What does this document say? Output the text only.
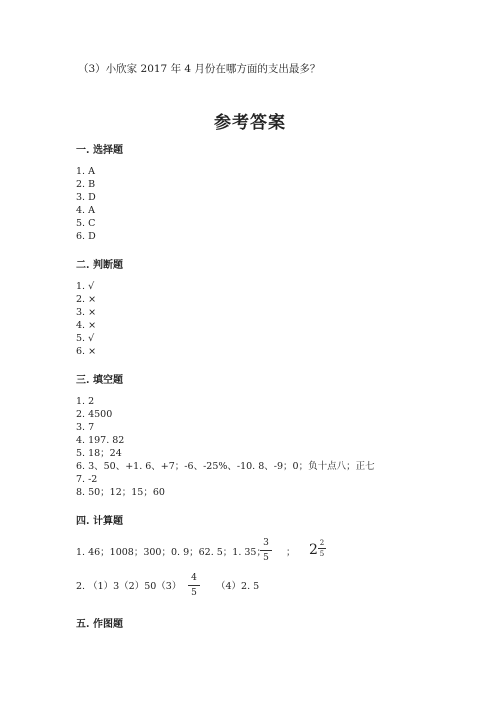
（3）小欣家 2017 年 4 月份在哪方面的支出最多？
参考答案
一. 选择题
1. A
2. B
3. D
4. A
5. C
6. D
二. 判断题
1. √
2. ×
3. ×
4. ×
5. √
6. ×
三. 填空题
1. 2
2. 4500
3. 7
4. 197. 82
5. 18；24
6. 3、50、+1. 6、+7；-6、-25%、-10. 8、-9；0；负十点八；正七
7. -2
8. 50；12；15；60
四. 计算题
1. 46；1008；300；0. 9；62. 5；1. 35；
3
5	； 2 2
5
2. （1）3（2）50（3）
4
5
（4）2. 5
五. 作图题
